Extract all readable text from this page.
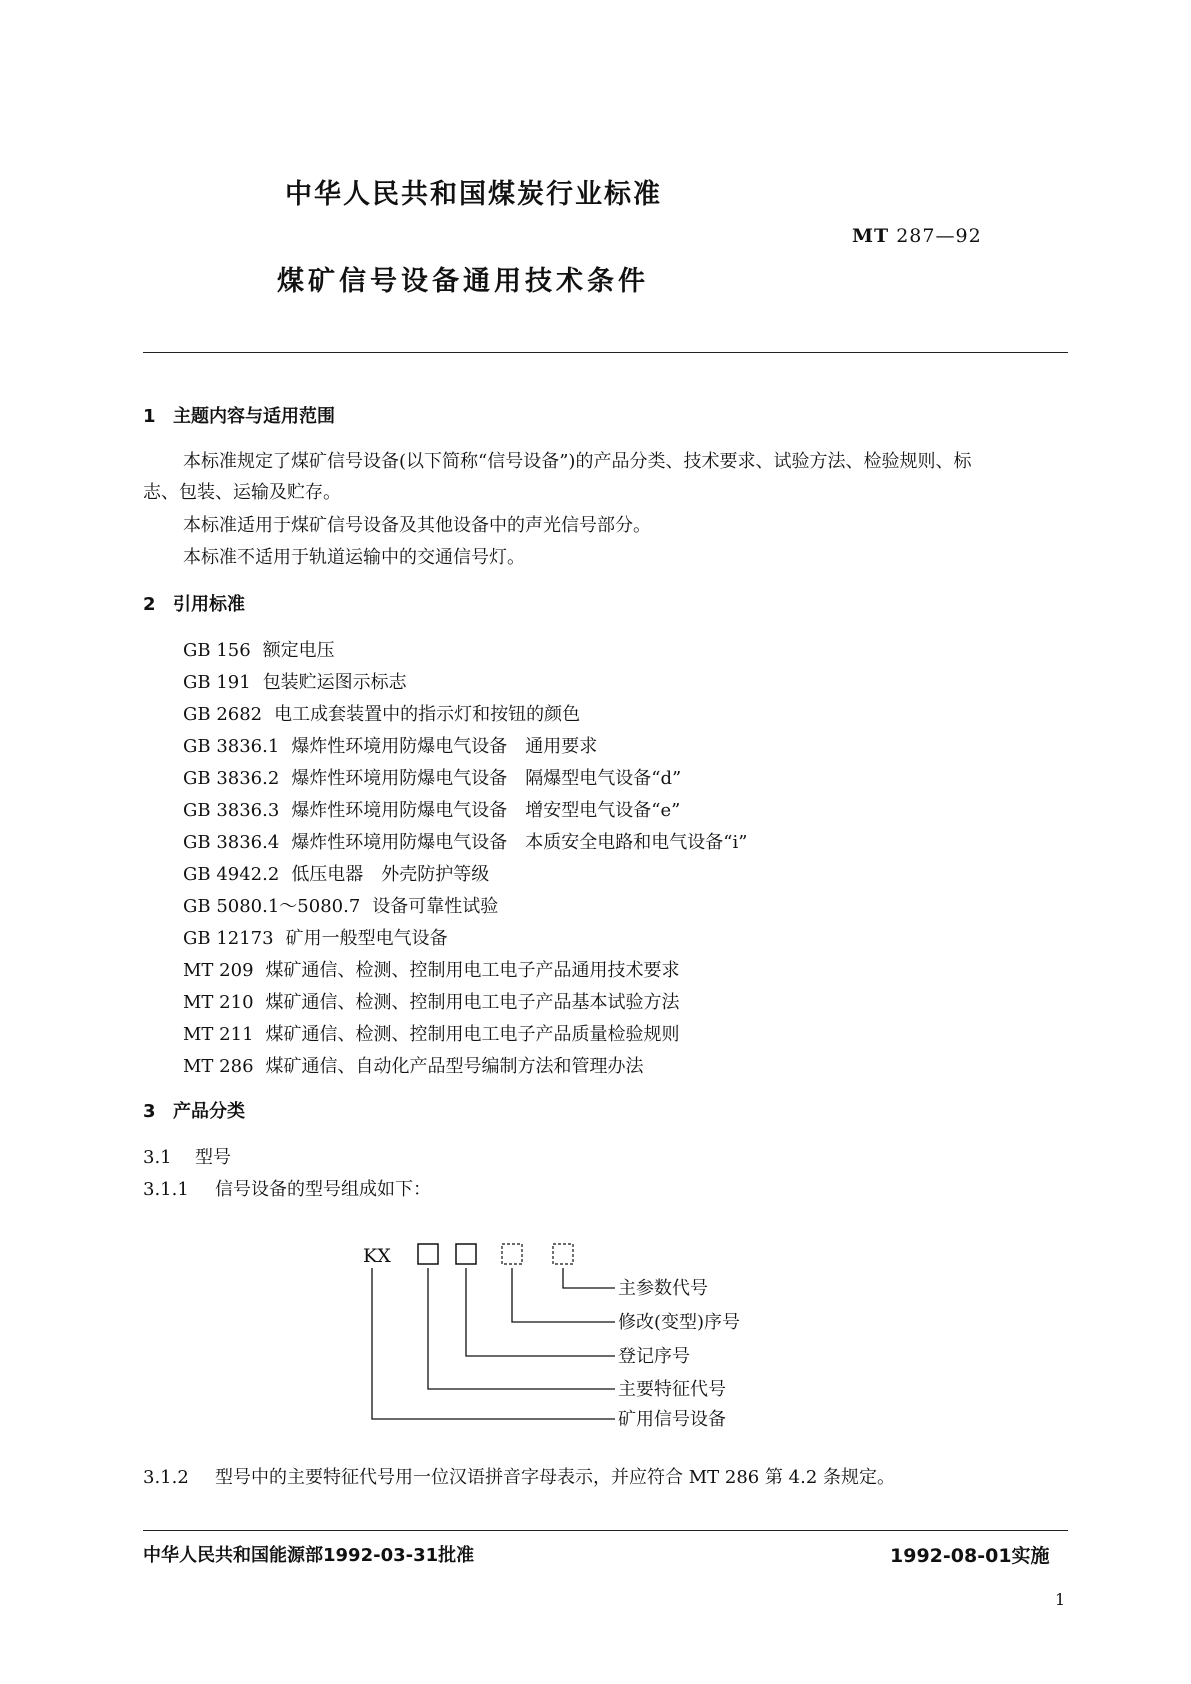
中华人民共和国煤炭行业标准
MT 287—92
煤矿信号设备通用技术条件
1 主题内容与适用范围
本标准规定了煤矿信号设备(以下简称“信号设备”)的产品分类、技术要求、试验方法、检验规则、标
志、包装、运输及贮存。
本标准适用于煤矿信号设备及其他设备中的声光信号部分。
本标准不适用于轨道运输中的交通信号灯。
2 引用标准
GB 156 额定电压
GB 191 包装贮运图示标志
GB 2682 电工成套装置中的指示灯和按钮的颜色
GB 3836.1 爆炸性环境用防爆电气设备　通用要求
GB 3836.2 爆炸性环境用防爆电气设备　隔爆型电气设备“d”
GB 3836.3 爆炸性环境用防爆电气设备　增安型电气设备“e”
GB 3836.4 爆炸性环境用防爆电气设备　本质安全电路和电气设备“i”
GB 4942.2 低压电器　外壳防护等级
GB 5080.1～5080.7 设备可靠性试验
GB 12173 矿用一般型电气设备
MT 209 煤矿通信、检测、控制用电工电子产品通用技术要求
MT 210 煤矿通信、检测、控制用电工电子产品基本试验方法
MT 211 煤矿通信、检测、控制用电工电子产品质量检验规则
MT 286 煤矿通信、自动化产品型号编制方法和管理办法
3 产品分类
3.1 型号
3.1.1 信号设备的型号组成如下：
KX
主参数代号
修改(变型)序号
登记序号
主要特征代号
矿用信号设备
3.1.2 型号中的主要特征代号用一位汉语拼音字母表示，并应符合 MT 286 第 4.2 条规定。
中华人民共和国能源部1992-03-31批准	1992-08-01实施
1
